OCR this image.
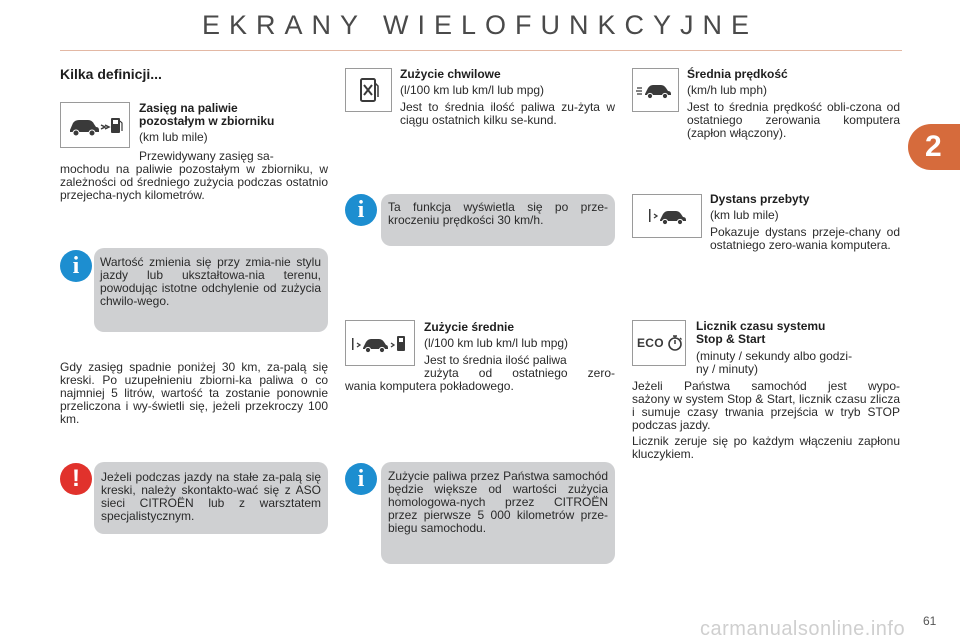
EKRANY WIELOFUNKCYJNE
2
Kilka definicji...
Zasięg na paliwie
pozostałym w zbiorniku
(km lub mile)
Przewidywany zasięg sa-
mochodu na paliwie pozostałym w zbiorniku, w zależności od średniego zużycia podczas ostatnio przejecha-nych kilometrów.
i	Wartość zmienia się przy zmia-nie stylu jazdy lub ukształtowa-nia terenu, powodując istotne odchylenie od zużycia chwilo-wego.
Gdy zasięg spadnie poniżej 30 km, za-palą się kreski. Po uzupełnieniu zbiorni-ka paliwa o co najmniej 5 litrów, wartość ta zostanie ponownie przeliczona i wy-świetli się, jeżeli przekroczy 100 km.
!	Jeżeli podczas jazdy na stałe za-palą się kreski, należy skontakto-wać się z ASO sieci CITROËN lub z warsztatem specjalistycznym.
Zużycie chwilowe
(l/100 km lub km/l lub mpg)
Jest to średnia ilość paliwa zu-żyta w ciągu ostatnich kilku se-kund.
i	Ta funkcja wyświetla się po prze-kroczeniu prędkości 30 km/h.
Zużycie średnie
(l/100 km lub km/l lub mpg)
Jest to średnia ilość paliwa
zużyta od ostatniego zero-
wania komputera pokładowego.
i	Zużycie paliwa przez Państwa samochód będzie większe od wartości zużycia homologowa-nych przez CITROËN przez pierwsze 5 000 kilometrów prze-biegu samochodu.
Średnia prędkość
(km/h lub mph)
Jest to średnia prędkość obli-czona od ostatniego zerowania komputera (zapłon włączony).
Dystans przebyty
(km lub mile)
Pokazuje dystans przeje-chany od ostatniego zero-wania komputera.
ECO
Licznik czasu systemu
Stop & Start
(minuty / sekundy albo godzi-
ny / minuty)
Jeżeli Państwa samochód jest wypo-
sażony w system Stop & Start, licznik czasu zlicza i sumuje czasy trwania przejścia w tryb STOP podczas jazdy.
Licznik zeruje się po każdym włączeniu zapłonu kluczykiem.
carmanualsonline.info 61
